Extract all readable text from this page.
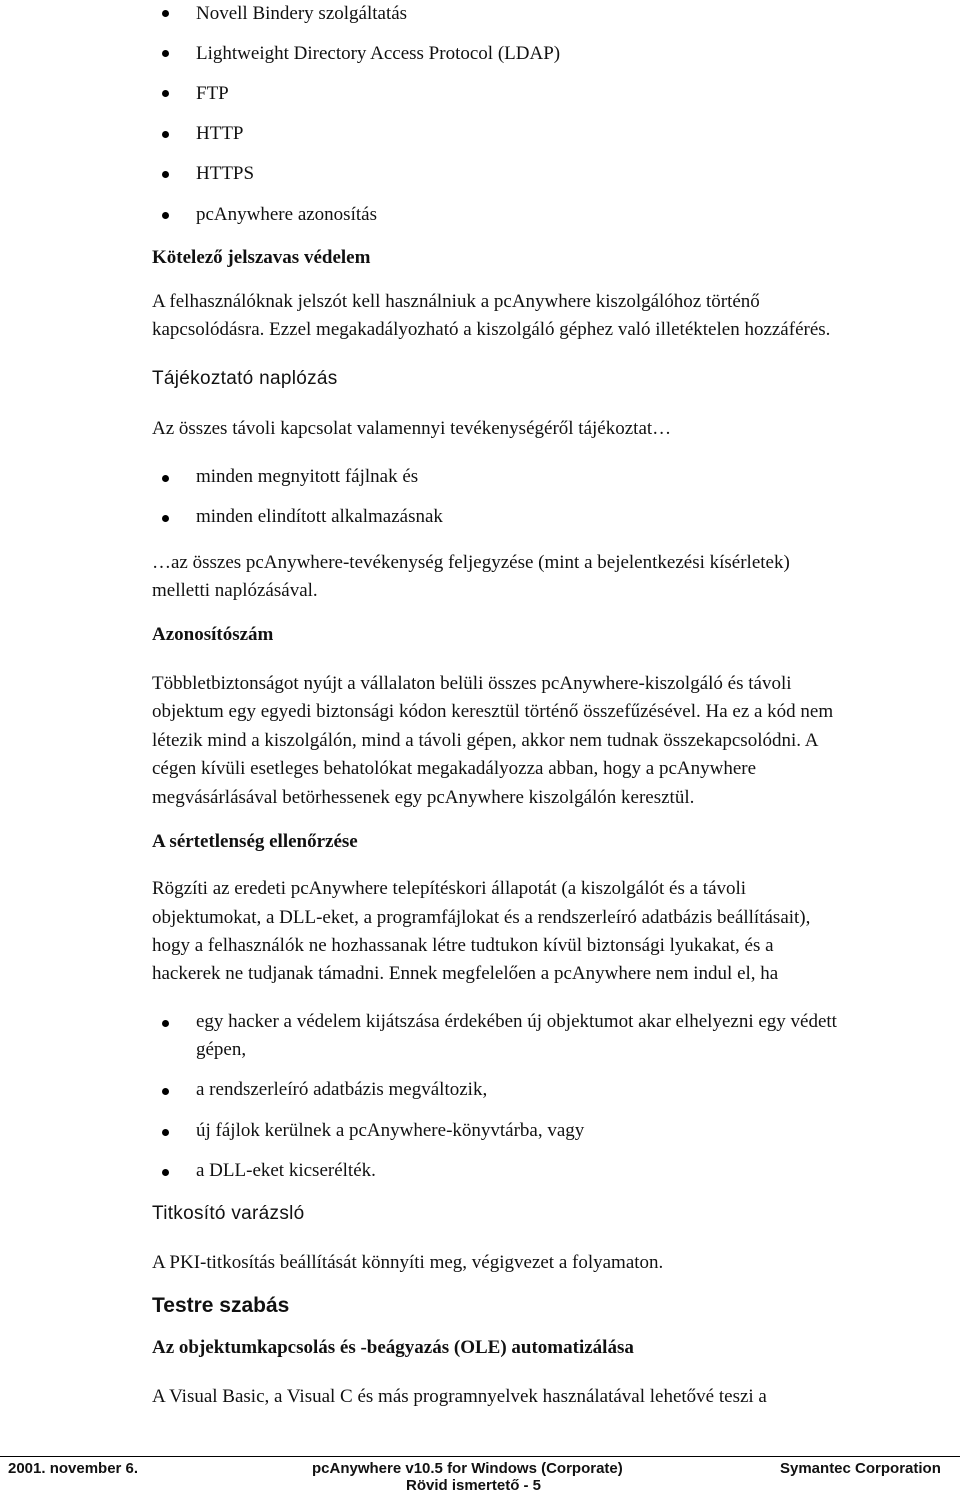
Novell Bindery szolgáltatás
Lightweight Directory Access Protocol (LDAP)
FTP
HTTP
HTTPS
pcAnywhere azonosítás
Kötelező jelszavas védelem
A felhasználóknak jelszót kell használniuk a pcAnywhere kiszolgálóhoz történő
kapcsolódásra. Ezzel megakadályozható a kiszolgáló géphez való illetéktelen hozzáférés.
Tájékoztató naplózás
Az összes távoli kapcsolat valamennyi tevékenységéről tájékoztat…
minden megnyitott fájlnak és
minden elindított alkalmazásnak
…az összes pcAnywhere-tevékenység feljegyzése (mint a bejelentkezési kísérletek)
melletti naplózásával.
Azonosítószám
Többletbiztonságot nyújt a vállalaton belüli összes pcAnywhere-kiszolgáló és távoli
objektum egy egyedi biztonsági kódon keresztül történő összefűzésével. Ha ez a kód nem
létezik mind a kiszolgálón, mind a távoli gépen, akkor nem tudnak összekapcsolódni. A
cégen kívüli esetleges behatolókat megakadályozza abban, hogy a pcAnywhere
megvásárlásával betörhessenek egy pcAnywhere kiszolgálón keresztül.
A sértetlenség ellenőrzése
Rögzíti az eredeti pcAnywhere telepítéskori állapotát (a kiszolgálót és a távoli
objektumokat, a DLL-eket, a programfájlokat és a rendszerleíró adatbázis beállításait),
hogy a felhasználók ne hozhassanak létre tudtukon kívül biztonsági lyukakat, és a
hackerek ne tudjanak támadni. Ennek megfelelően a pcAnywhere nem indul el, ha
egy hacker a védelem kijátszása érdekében új objektumot akar elhelyezni egy védett
gépen,
a rendszerleíró adatbázis megváltozik,
új fájlok kerülnek a pcAnywhere-könyvtárba, vagy
a DLL-eket kicserélték.
Titkosító varázsló
A PKI-titkosítás beállítását könnyíti meg, végigvezet a folyamaton.
Testre szabás
Az objektumkapcsolás és -beágyazás (OLE) automatizálása
A Visual Basic, a Visual C és más programnyelvek használatával lehetővé teszi a
2001. november 6.	pcAnywhere v10.5 for Windows (Corporate)	Symantec Corporation
Rövid ismertető - 5
